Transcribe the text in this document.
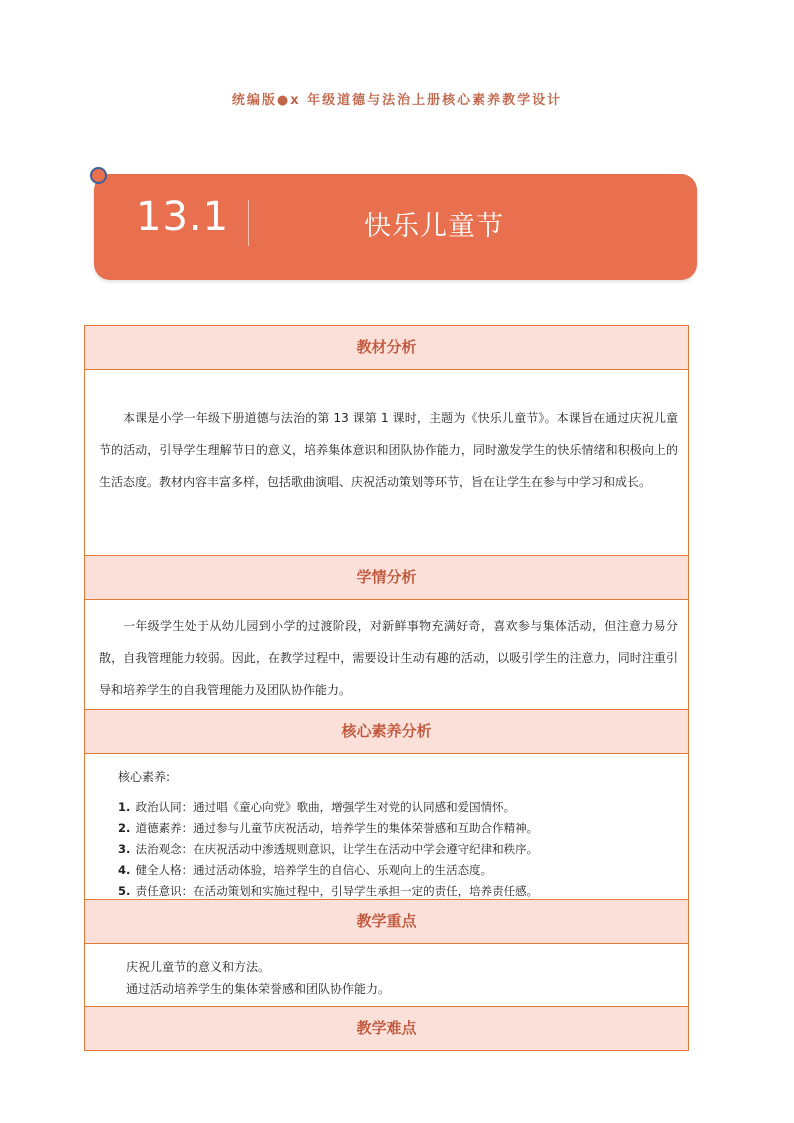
统编版●x 年级道德与法治上册核心素养教学设计
13.1	快乐儿童节
教材分析

本课是小学一年级下册道德与法治的第 13 课第 1 课时，主题为《快乐儿童节》。本课旨在通过庆祝儿童节的活动，引导学生理解节日的意义，培养集体意识和团队协作能力，同时激发学生的快乐情绪和积极向上的生活态度。教材内容丰富多样，包括歌曲演唱、庆祝活动策划等环节，旨在让学生在参与中学习和成长。

学情分析

一年级学生处于从幼儿园到小学的过渡阶段，对新鲜事物充满好奇，喜欢参与集体活动，但注意力易分散，自我管理能力较弱。因此，在教学过程中，需要设计生动有趣的活动，以吸引学生的注意力，同时注重引导和培养学生的自我管理能力及团队协作能力。

核心素养分析

核心素养:

1. 政治认同：通过唱《童心向党》歌曲，增强学生对党的认同感和爱国情怀。

2. 道德素养：通过参与儿童节庆祝活动，培养学生的集体荣誉感和互助合作精神。

3. 法治观念：在庆祝活动中渗透规则意识，让学生在活动中学会遵守纪律和秩序。

4. 健全人格：通过活动体验，培养学生的自信心、乐观向上的生活态度。

5. 责任意识：在活动策划和实施过程中，引导学生承担一定的责任，培养责任感。

教学重点

庆祝儿童节的意义和方法。

通过活动培养学生的集体荣誉感和团队协作能力。

教学难点
